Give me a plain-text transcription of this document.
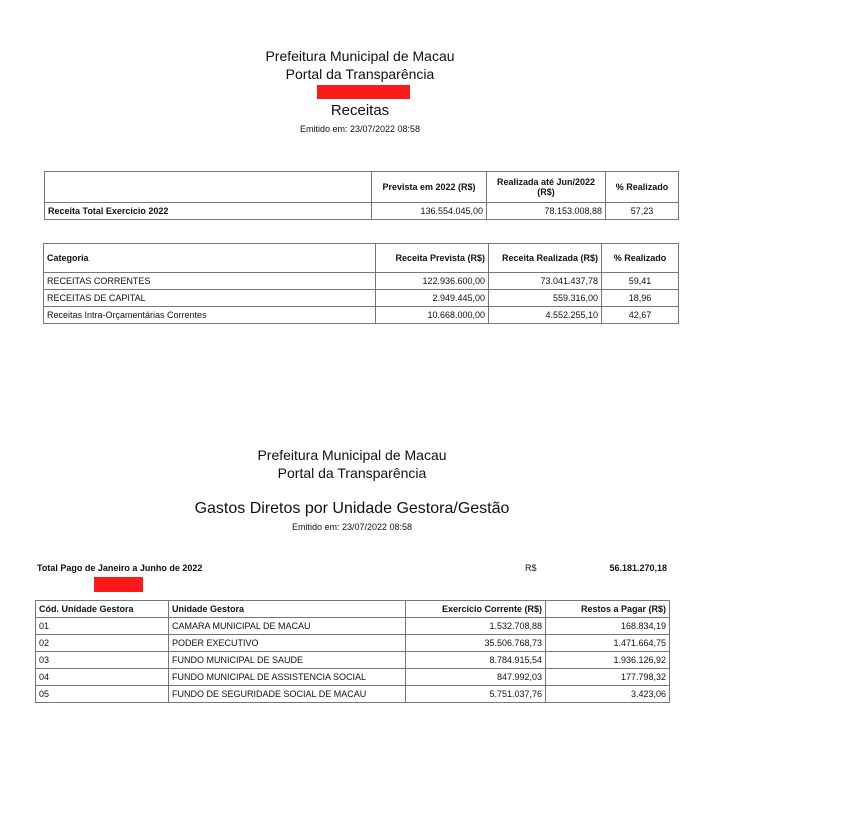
Prefeitura Municipal de Macau
Portal da Transparência
Receitas
Emitido em: 23/07/2022 08:58
	Prevista em 2022 (R$)	Realizada até Jun/2022 (R$)	% Realizado
Receita Total Exercício 2022	136.554.045,00	78.153.008,88	57,23
Categoria	Receita Prevista (R$)	Receita Realizada (R$)	% Realizado
RECEITAS CORRENTES	122.936.600,00	73.041.437,78	59,41
RECEITAS DE CAPITAL	2.949.445,00	559.316,00	18,96
Receitas Intra-Orçamentárias Correntes	10.668.000,00	4.552.255,10	42,67
Prefeitura Municipal de Macau
Portal da Transparência
Gastos Diretos por Unidade Gestora/Gestão
Emitido em: 23/07/2022 08:58
Total Pago de Janeiro a Junho de 2022	R$	56.181.270,18
Cód. Unidade Gestora	Unidade Gestora	Exercício Corrente (R$)	Restos a Pagar (R$)
01	CAMARA MUNICIPAL DE MACAU	1.532.708,88	168.834,19
02	PODER EXECUTIVO	35.506.768,73	1.471.664,75
03	FUNDO MUNICIPAL DE SAUDE	8.784.915,54	1.936.126,92
04	FUNDO MUNICIPAL DE ASSISTENCIA SOCIAL	847.992,03	177.798,32
05	FUNDO DE SEGURIDADE SOCIAL DE MACAU	5.751.037,76	3.423,06
